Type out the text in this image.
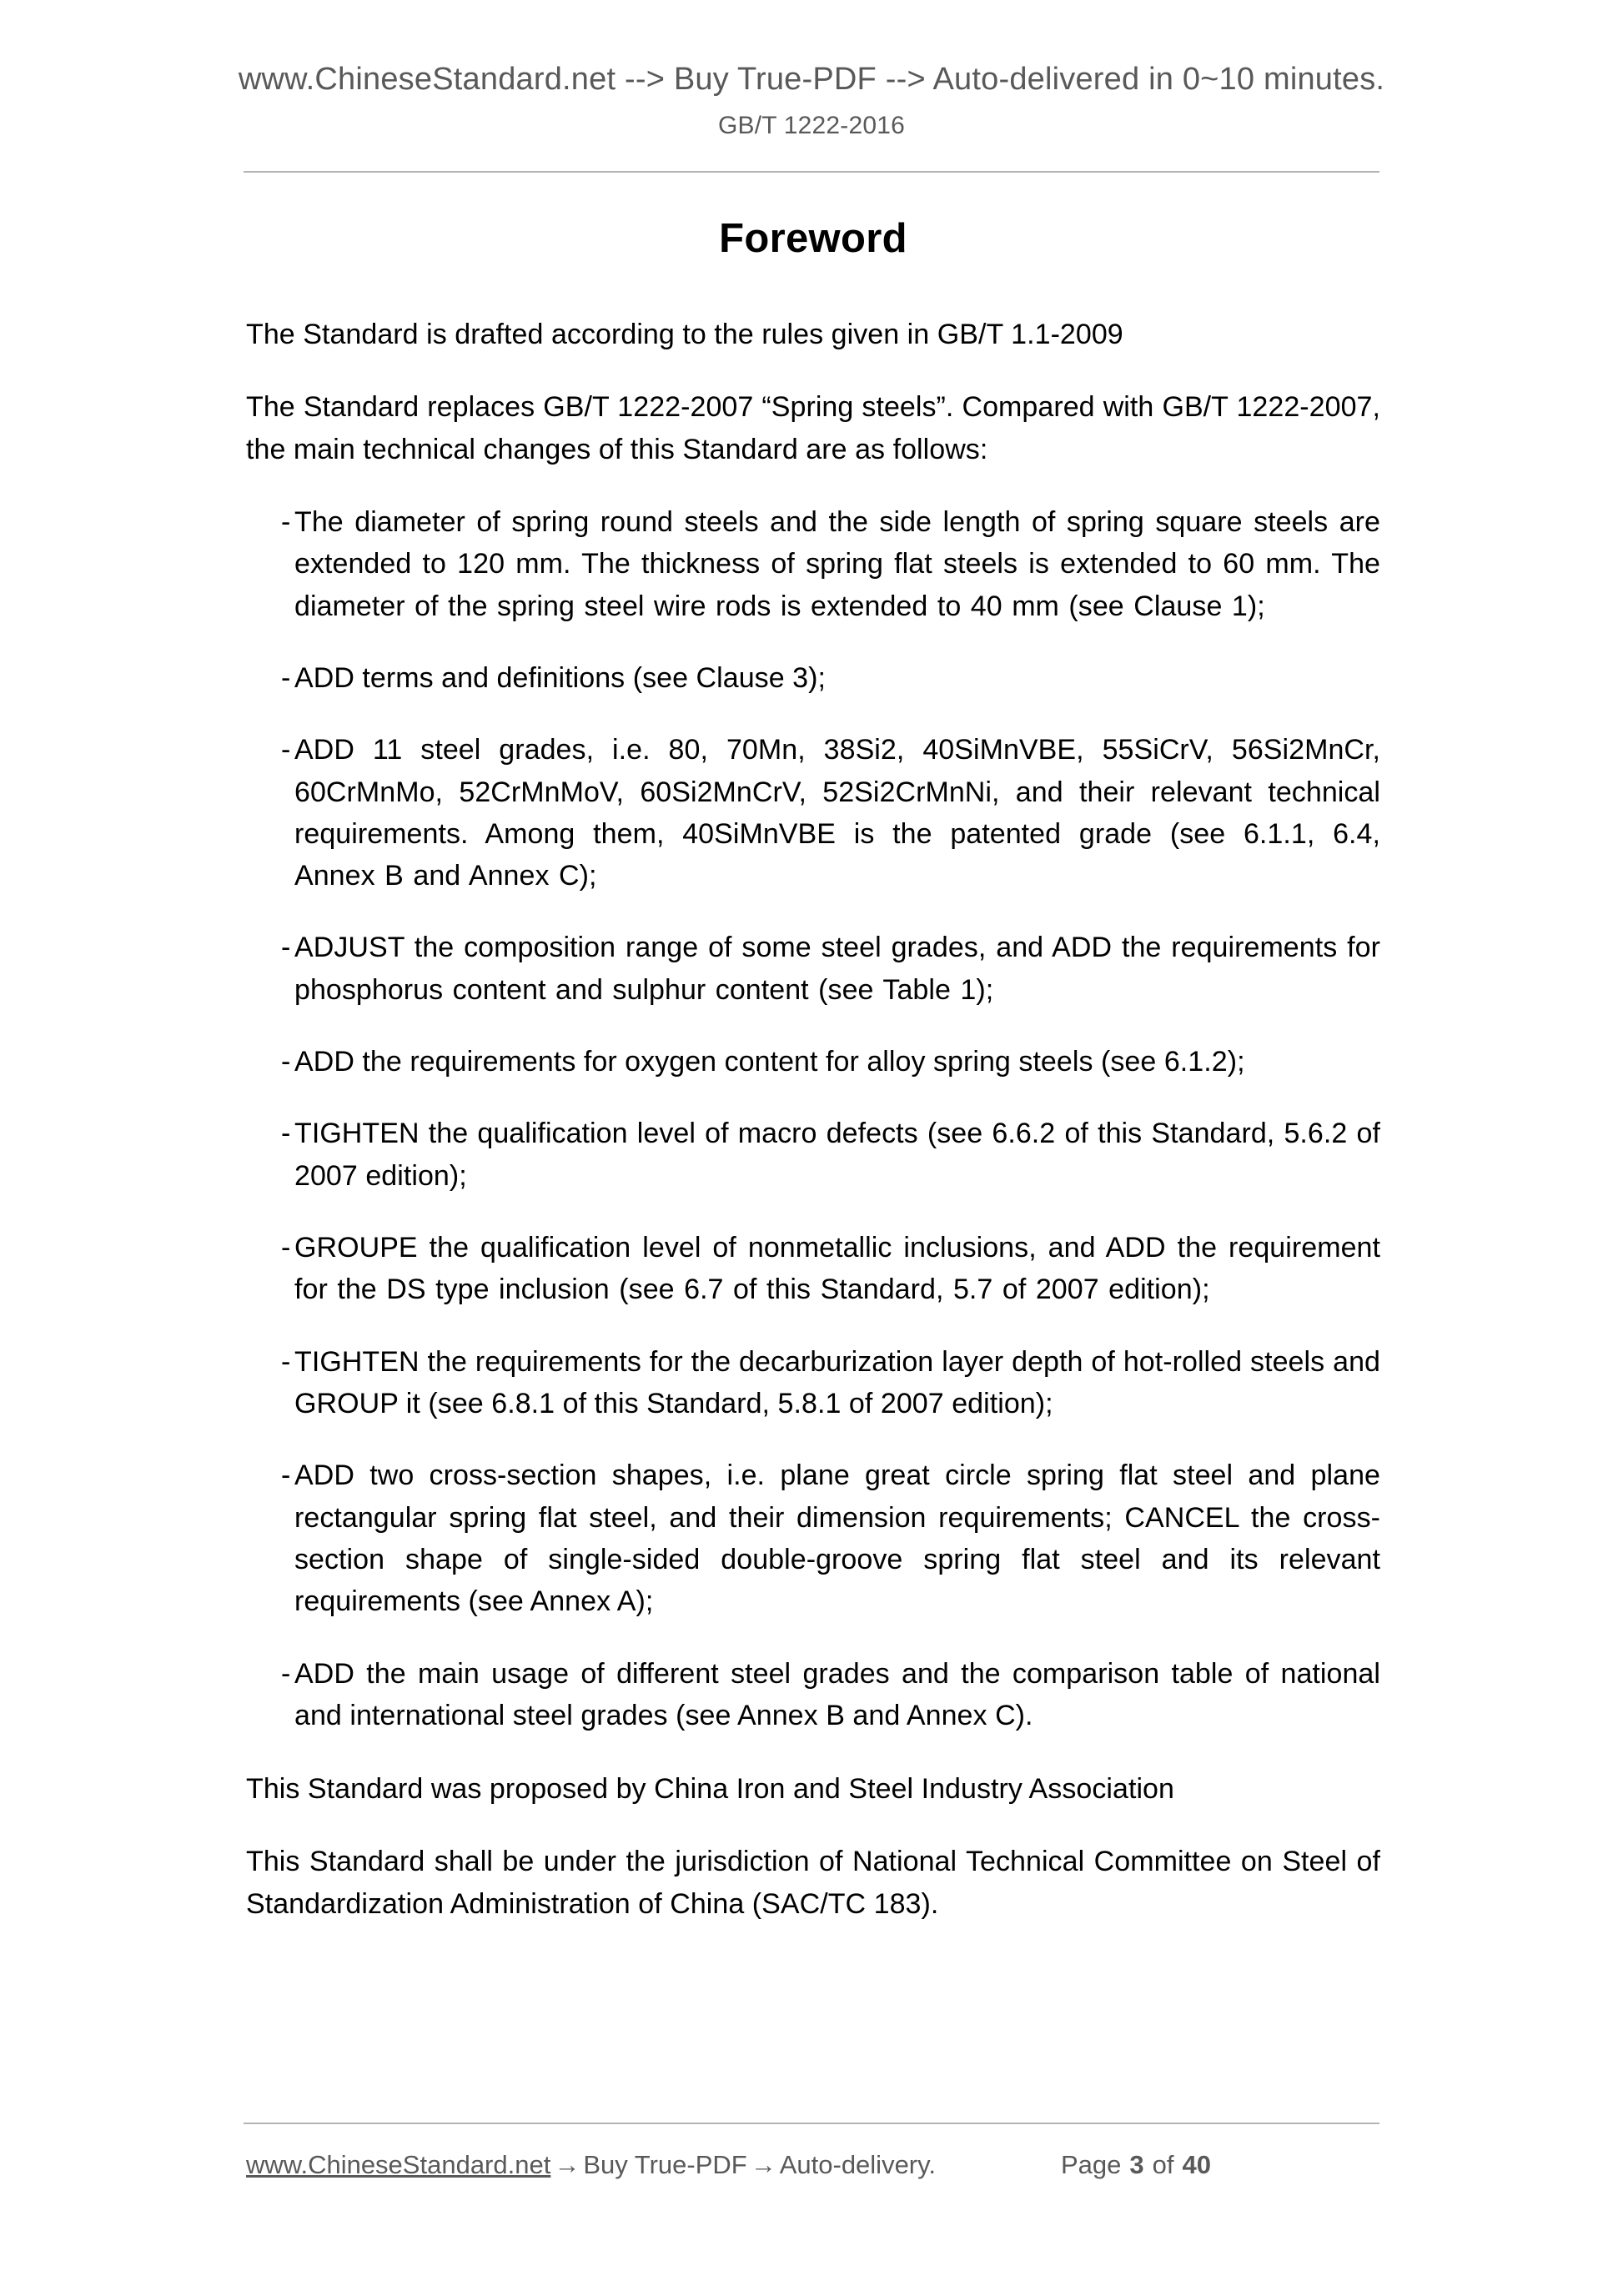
www.ChineseStandard.net --> Buy True-PDF --> Auto-delivered in 0~10 minutes.
GB/T 1222-2016
Foreword

The Standard is drafted according to the rules given in GB/T 1.1-2009

The Standard replaces GB/T 1222-2007 “Spring steels”. Compared with GB/T 1222-2007, the main technical changes of this Standard are as follows:

- The diameter of spring round steels and the side length of spring square steels are extended to 120 mm. The thickness of spring flat steels is extended to 60 mm. The diameter of the spring steel wire rods is extended to 40 mm (see Clause 1);
- ADD terms and definitions (see Clause 3);
- ADD 11 steel grades, i.e. 80, 70Mn, 38Si2, 40SiMnVBE, 55SiCrV, 56Si2MnCr, 60CrMnMo, 52CrMnMoV, 60Si2MnCrV, 52Si2CrMnNi, and their relevant technical requirements. Among them, 40SiMnVBE is the patented grade (see 6.1.1, 6.4, Annex B and Annex C);
- ADJUST the composition range of some steel grades, and ADD the requirements for phosphorus content and sulphur content (see Table 1);
- ADD the requirements for oxygen content for alloy spring steels (see 6.1.2);
- TIGHTEN the qualification level of macro defects (see 6.6.2 of this Standard, 5.6.2 of 2007 edition);
- GROUPE the qualification level of nonmetallic inclusions, and ADD the requirement for the DS type inclusion (see 6.7 of this Standard, 5.7 of 2007 edition);
- TIGHTEN the requirements for the decarburization layer depth of hot-rolled steels and GROUP it (see 6.8.1 of this Standard, 5.8.1 of 2007 edition);
- ADD two cross-section shapes, i.e. plane great circle spring flat steel and plane rectangular spring flat steel, and their dimension requirements; CANCEL the cross-section shape of single-sided double-groove spring flat steel and its relevant requirements (see Annex A);
- ADD the main usage of different steel grades and the comparison table of national and international steel grades (see Annex B and Annex C).

This Standard was proposed by China Iron and Steel Industry Association

This Standard shall be under the jurisdiction of National Technical Committee on Steel of Standardization Administration of China (SAC/TC 183).

www.ChineseStandard.net → Buy True-PDF → Auto-delivery.	Page 3 of 40
